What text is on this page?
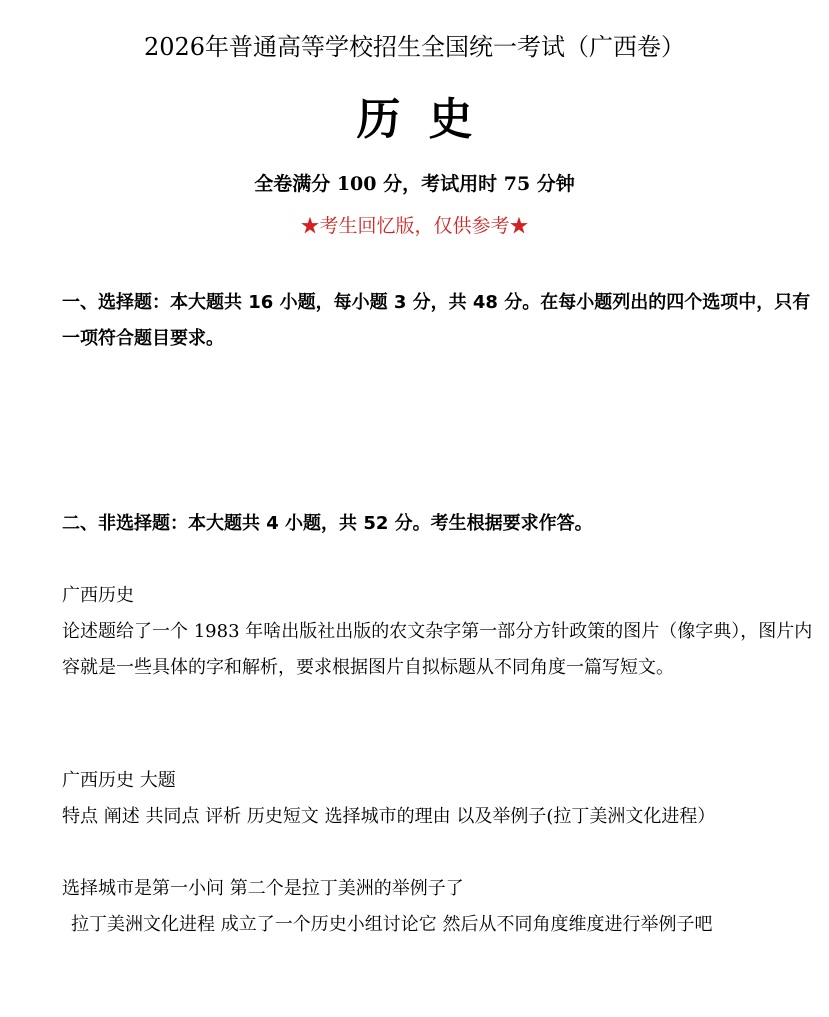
2026年普通高等学校招生全国统一考试（广西卷）
历史
全卷满分 100 分，考试用时 75 分钟
★考生回忆版，仅供参考★
一、选择题：本大题共 16 小题，每小题 3 分，共 48 分。在每小题列出的四个选项中，只有一项符合题目要求。
二、非选择题：本大题共 4 小题，共 52 分。考生根据要求作答。
广西历史
论述题给了一个 1983 年啥出版社出版的农文杂字第一部分方针政策的图片（像字典），图片内容就是一些具体的字和解析，要求根据图片自拟标题从不同角度一篇写短文。
广西历史 大题
特点 阐述 共同点 评析 历史短文 选择城市的理由 以及举例子(拉丁美洲文化进程）
选择城市是第一小问 第二个是拉丁美洲的举例子了
拉丁美洲文化进程 成立了一个历史小组讨论它 然后从不同角度维度进行举例子吧
